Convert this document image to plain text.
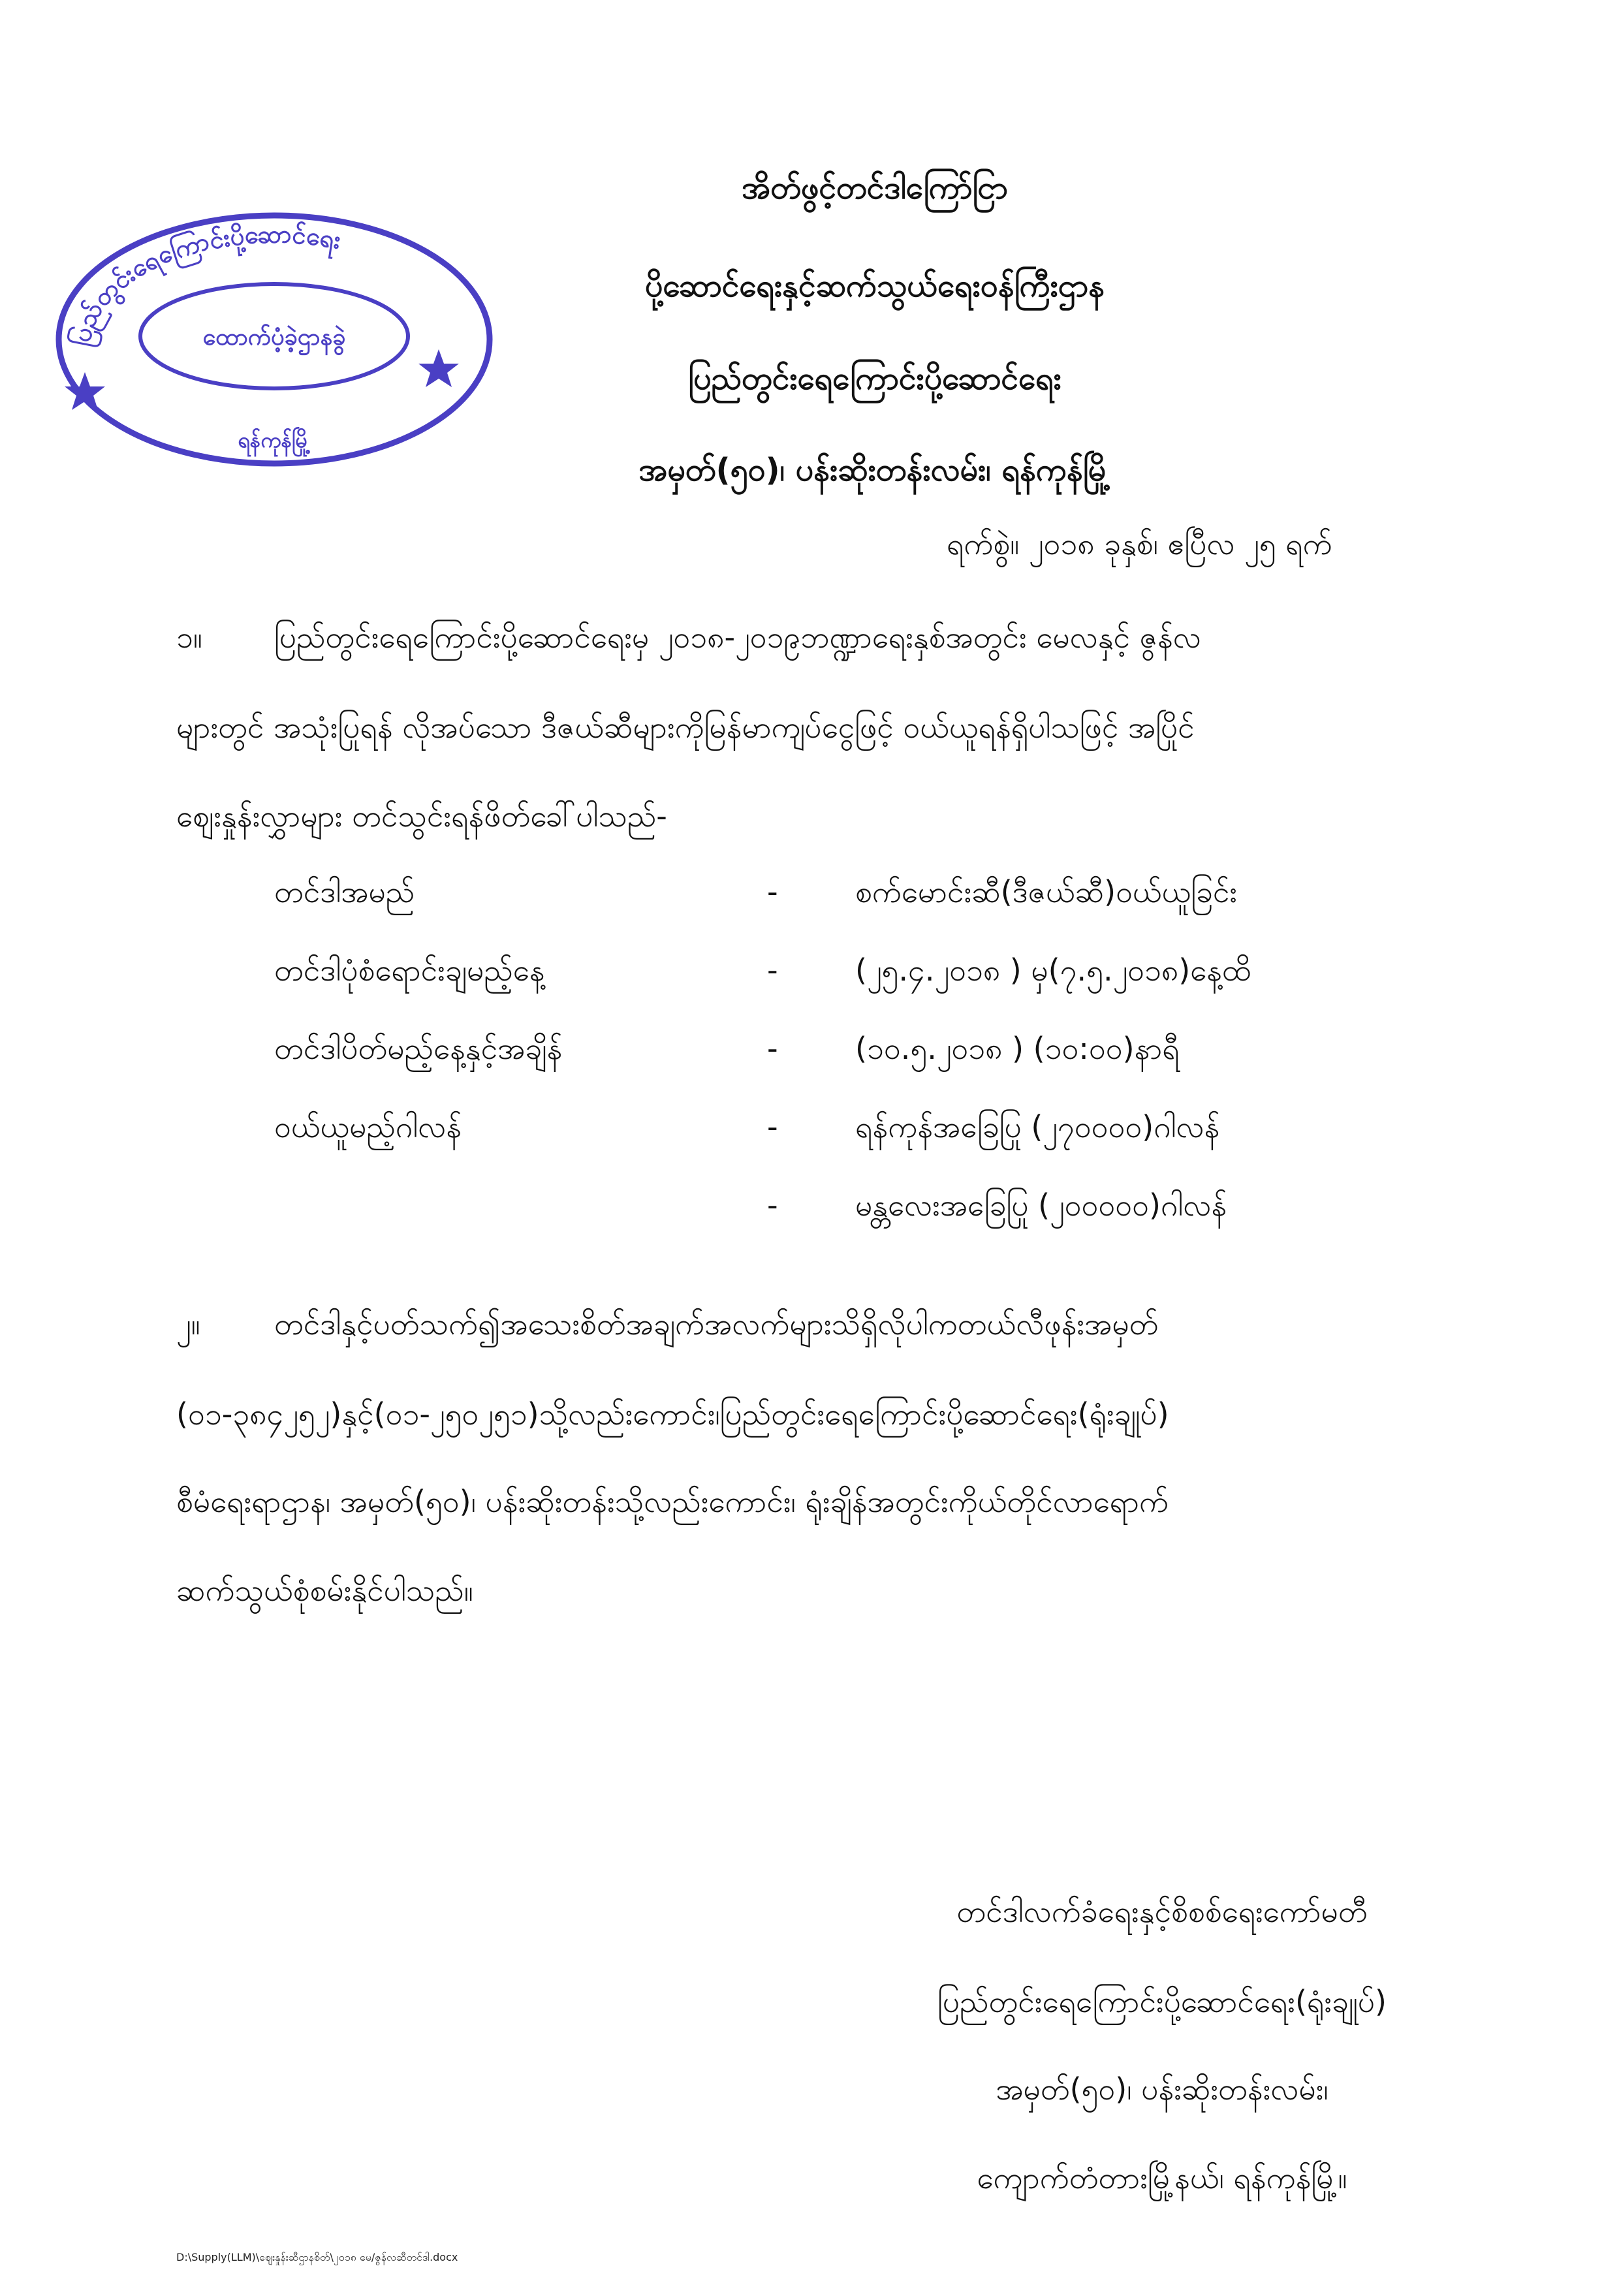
ပြည်တွင်းရေကြောင်းပို့ဆောင်ရေး
ထောက်ပံ့ခဲ့ဌာနခွဲ
ရန်ကုန်မြို့
အိတ်ဖွင့်တင်ဒါကြော်ငြာ
ပို့ဆောင်ရေးနှင့်ဆက်သွယ်ရေးဝန်ကြီးဌာန
ပြည်တွင်းရေကြောင်းပို့ဆောင်ရေး
အမှတ်(၅၀)၊ ပန်းဆိုးတန်းလမ်း၊ ရန်ကုန်မြို့
ရက်စွဲ။ ၂၀၁၈ ခုနှစ်၊ ဧပြီလ ၂၅ ရက်
၁။ ပြည်တွင်းရေကြောင်းပို့ဆောင်ရေးမှ ၂၀၁၈-၂၀၁၉ဘဏ္ဍာရေးနှစ်အတွင်း မေလနှင့် ဇွန်လ
များတွင် အသုံးပြုရန် လိုအပ်သော ဒီဇယ်ဆီများကိုမြန်မာကျပ်ငွေဖြင့် ဝယ်ယူရန်ရှိပါသဖြင့် အပြိုင်
ဈေးနှုန်းလွှာများ တင်သွင်းရန်ဖိတ်ခေါ်ပါသည်-
တင်ဒါအမည်	-	စက်မောင်းဆီ(ဒီဇယ်ဆီ)ဝယ်ယူခြင်း
တင်ဒါပုံစံရောင်းချမည့်နေ့	-	(၂၅.၄.၂၀၁၈ ) မှ(၇.၅.၂၀၁၈)နေ့ထိ
တင်ဒါပိတ်မည့်နေ့နှင့်အချိန်	-	(၁၀.၅.၂၀၁၈ ) (၁၀:၀၀)နာရီ
ဝယ်ယူမည့်ဂါလန်	-	ရန်ကုန်အခြေပြု (၂၇၀၀၀၀)ဂါလန်
-	မန္တလေးအခြေပြု (၂၀၀၀၀၀)ဂါလန်
၂။ တင်ဒါနှင့်ပတ်သက်၍အသေးစိတ်အချက်အလက်များသိရှိလိုပါကတယ်လီဖုန်းအမှတ်
(၀၁-၃၈၄၂၅၂)နှင့်(၀၁-၂၅၀၂၅၁)သို့လည်းကောင်း၊ပြည်တွင်းရေကြောင်းပို့ဆောင်ရေး(ရုံးချုပ်)
စီမံရေးရာဌာန၊ အမှတ်(၅၀)၊ ပန်းဆိုးတန်းသို့လည်းကောင်း၊ ရုံးချိန်အတွင်းကိုယ်တိုင်လာရောက်
ဆက်သွယ်စုံစမ်းနိုင်ပါသည်။
တင်ဒါလက်ခံရေးနှင့်စိစစ်ရေးကော်မတီ
ပြည်တွင်းရေကြောင်းပို့ဆောင်ရေး(ရုံးချုပ်)
အမှတ်(၅၀)၊ ပန်းဆိုးတန်းလမ်း၊
ကျောက်တံတားမြို့နယ်၊ ရန်ကုန်မြို့။
D:\Supply(LLM)\ဈေးနှုန်းဆီဌာနစိတ်\၂၀၁၈ မေ/ဇွန်လဆီတင်ဒါ.docx
